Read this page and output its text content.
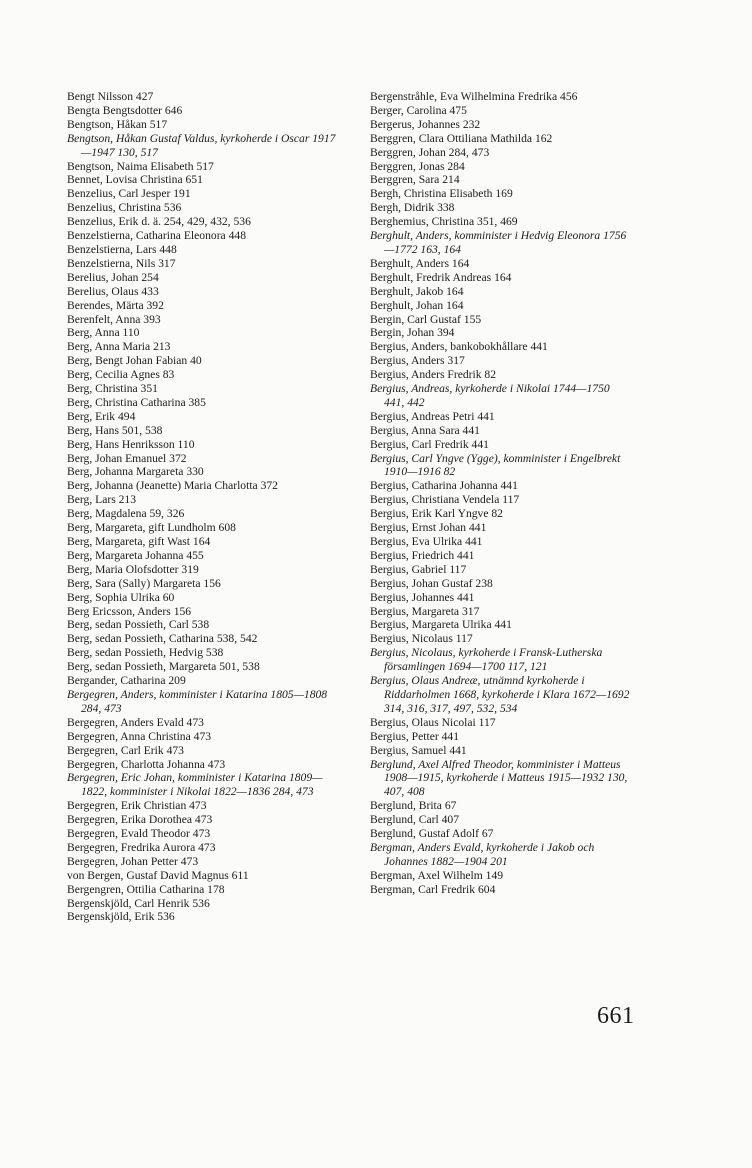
Bengt Nilsson 427
Bengta Bengtsdotter 646
Bengtson, Håkan 517
Bengtson, Håkan Gustaf Valdus, kyrkoherde i Oscar 1917—1947 130, 517
Bengtson, Naima Elisabeth 517
Bennet, Lovisa Christina 651
Benzelius, Carl Jesper 191
Benzelius, Christina 536
Benzelius, Erik d. ä. 254, 429, 432, 536
Benzelstierna, Catharina Eleonora 448
Benzelstierna, Lars 448
Benzelstierna, Nils 317
Berelius, Johan 254
Berelius, Olaus 433
Berendes, Märta 392
Berenfelt, Anna 393
Berg, Anna 110
Berg, Anna Maria 213
Berg, Bengt Johan Fabian 40
Berg, Cecilia Agnes 83
Berg, Christina 351
Berg, Christina Catharina 385
Berg, Erik 494
Berg, Hans 501, 538
Berg, Hans Henriksson 110
Berg, Johan Emanuel 372
Berg, Johanna Margareta 330
Berg, Johanna (Jeanette) Maria Charlotta 372
Berg, Lars 213
Berg, Magdalena 59, 326
Berg, Margareta, gift Lundholm 608
Berg, Margareta, gift Wast 164
Berg, Margareta Johanna 455
Berg, Maria Olofsdotter 319
Berg, Sara (Sally) Margareta 156
Berg, Sophia Ulrika 60
Berg Ericsson, Anders 156
Berg, sedan Possieth, Carl 538
Berg, sedan Possieth, Catharina 538, 542
Berg, sedan Possieth, Hedvig 538
Berg, sedan Possieth, Margareta 501, 538
Bergander, Catharina 209
Bergegren, Anders, komminister i Katarina 1805—1808 284, 473
Bergegren, Anders Evald 473
Bergegren, Anna Christina 473
Bergegren, Carl Erik 473
Bergegren, Charlotta Johanna 473
Bergegren, Eric Johan, komminister i Katarina 1809—1822, komminister i Nikolai 1822—1836 284, 473
Bergegren, Erik Christian 473
Bergegren, Erika Dorothea 473
Bergegren, Evald Theodor 473
Bergegren, Fredrika Aurora 473
Bergegren, Johan Petter 473
von Bergen, Gustaf David Magnus 611
Bergengren, Ottilia Catharina 178
Bergenskjöld, Carl Henrik 536
Bergenskjöld, Erik 536
Bergenstråhle, Eva Wilhelmina Fredrika 456
Berger, Carolina 475
Bergerus, Johannes 232
Berggren, Clara Ottiliana Mathilda 162
Berggren, Johan 284, 473
Berggren, Jonas 284
Berggren, Sara 214
Bergh, Christina Elisabeth 169
Bergh, Didrik 338
Berghemius, Christina 351, 469
Berghult, Anders, komminister i Hedvig Eleonora 1756—1772 163, 164
Berghult, Anders 164
Berghult, Fredrik Andreas 164
Berghult, Jakob 164
Berghult, Johan 164
Bergin, Carl Gustaf 155
Bergin, Johan 394
Bergius, Anders, bankobokhållare 441
Bergius, Anders 317
Bergius, Anders Fredrik 82
Bergius, Andreas, kyrkoherde i Nikolai 1744—1750 441, 442
Bergius, Andreas Petri 441
Bergius, Anna Sara 441
Bergius, Carl Fredrik 441
Bergius, Carl Yngve (Ygge), komminister i Engelbrekt 1910—1916 82
Bergius, Catharina Johanna 441
Bergius, Christiana Vendela 117
Bergius, Erik Karl Yngve 82
Bergius, Ernst Johan 441
Bergius, Eva Ulrika 441
Bergius, Friedrich 441
Bergius, Gabriel 117
Bergius, Johan Gustaf 238
Bergius, Johannes 441
Bergius, Margareta 317
Bergius, Margareta Ulrika 441
Bergius, Nicolaus 117
Bergius, Nicolaus, kyrkoherde i Fransk-Lutherska församlingen 1694—1700 117, 121
Bergius, Olaus Andreæ, utnämnd kyrkoherde i Riddarholmen 1668, kyrkoherde i Klara 1672—1692 314, 316, 317, 497, 532, 534
Bergius, Olaus Nicolai 117
Bergius, Petter 441
Bergius, Samuel 441
Berglund, Axel Alfred Theodor, komminister i Matteus 1908—1915, kyrkoherde i Matteus 1915—1932 130, 407, 408
Berglund, Brita 67
Berglund, Carl 407
Berglund, Gustaf Adolf 67
Bergman, Anders Evald, kyrkoherde i Jakob och Johannes 1882—1904 201
Bergman, Axel Wilhelm 149
Bergman, Carl Fredrik 604
661
